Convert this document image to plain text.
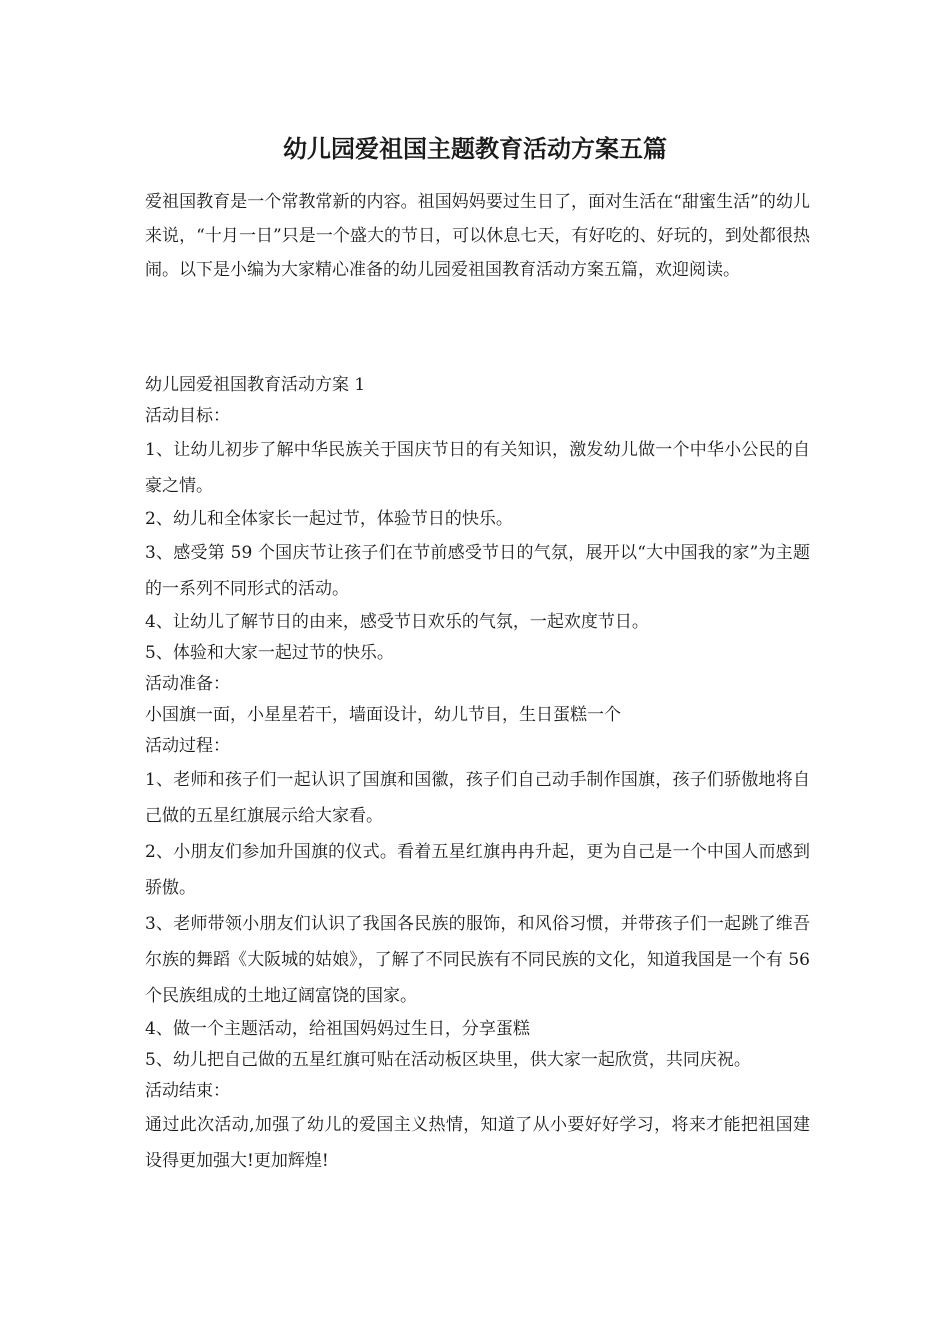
幼儿园爱祖国主题教育活动方案五篇

爱祖国教育是一个常教常新的内容。祖国妈妈要过生日了，面对生活在“甜蜜生活”的幼儿来说，“十月一日”只是一个盛大的节日，可以休息七天，有好吃的、好玩的，到处都很热闹。以下是小编为大家精心准备的幼儿园爱祖国教育活动方案五篇，欢迎阅读。

幼儿园爱祖国教育活动方案 1
活动目标：
1、让幼儿初步了解中华民族关于国庆节日的有关知识，激发幼儿做一个中华小公民的自豪之情。
2、幼儿和全体家长一起过节，体验节日的快乐。
3、感受第 59 个国庆节让孩子们在节前感受节日的气氛，展开以“大中国我的家”为主题的一系列不同形式的活动。
4、让幼儿了解节日的由来，感受节日欢乐的气氛，一起欢度节日。
5、体验和大家一起过节的快乐。
活动准备：
小国旗一面，小星星若干，墙面设计，幼儿节目，生日蛋糕一个
活动过程：
1、老师和孩子们一起认识了国旗和国徽，孩子们自己动手制作国旗，孩子们骄傲地将自己做的五星红旗展示给大家看。
2、小朋友们参加升国旗的仪式。看着五星红旗冉冉升起，更为自己是一个中国人而感到骄傲。
3、老师带领小朋友们认识了我国各民族的服饰，和风俗习惯，并带孩子们一起跳了维吾尔族的舞蹈《大阪城的姑娘》，了解了不同民族有不同民族的文化，知道我国是一个有 56 个民族组成的土地辽阔富饶的国家。
4、做一个主题活动，给祖国妈妈过生日，分享蛋糕
5、幼儿把自己做的五星红旗可贴在活动板区块里，供大家一起欣赏，共同庆祝。
活动结束：
通过此次活动,加强了幼儿的爱国主义热情，知道了从小要好好学习，将来才能把祖国建设得更加强大!更加辉煌!
